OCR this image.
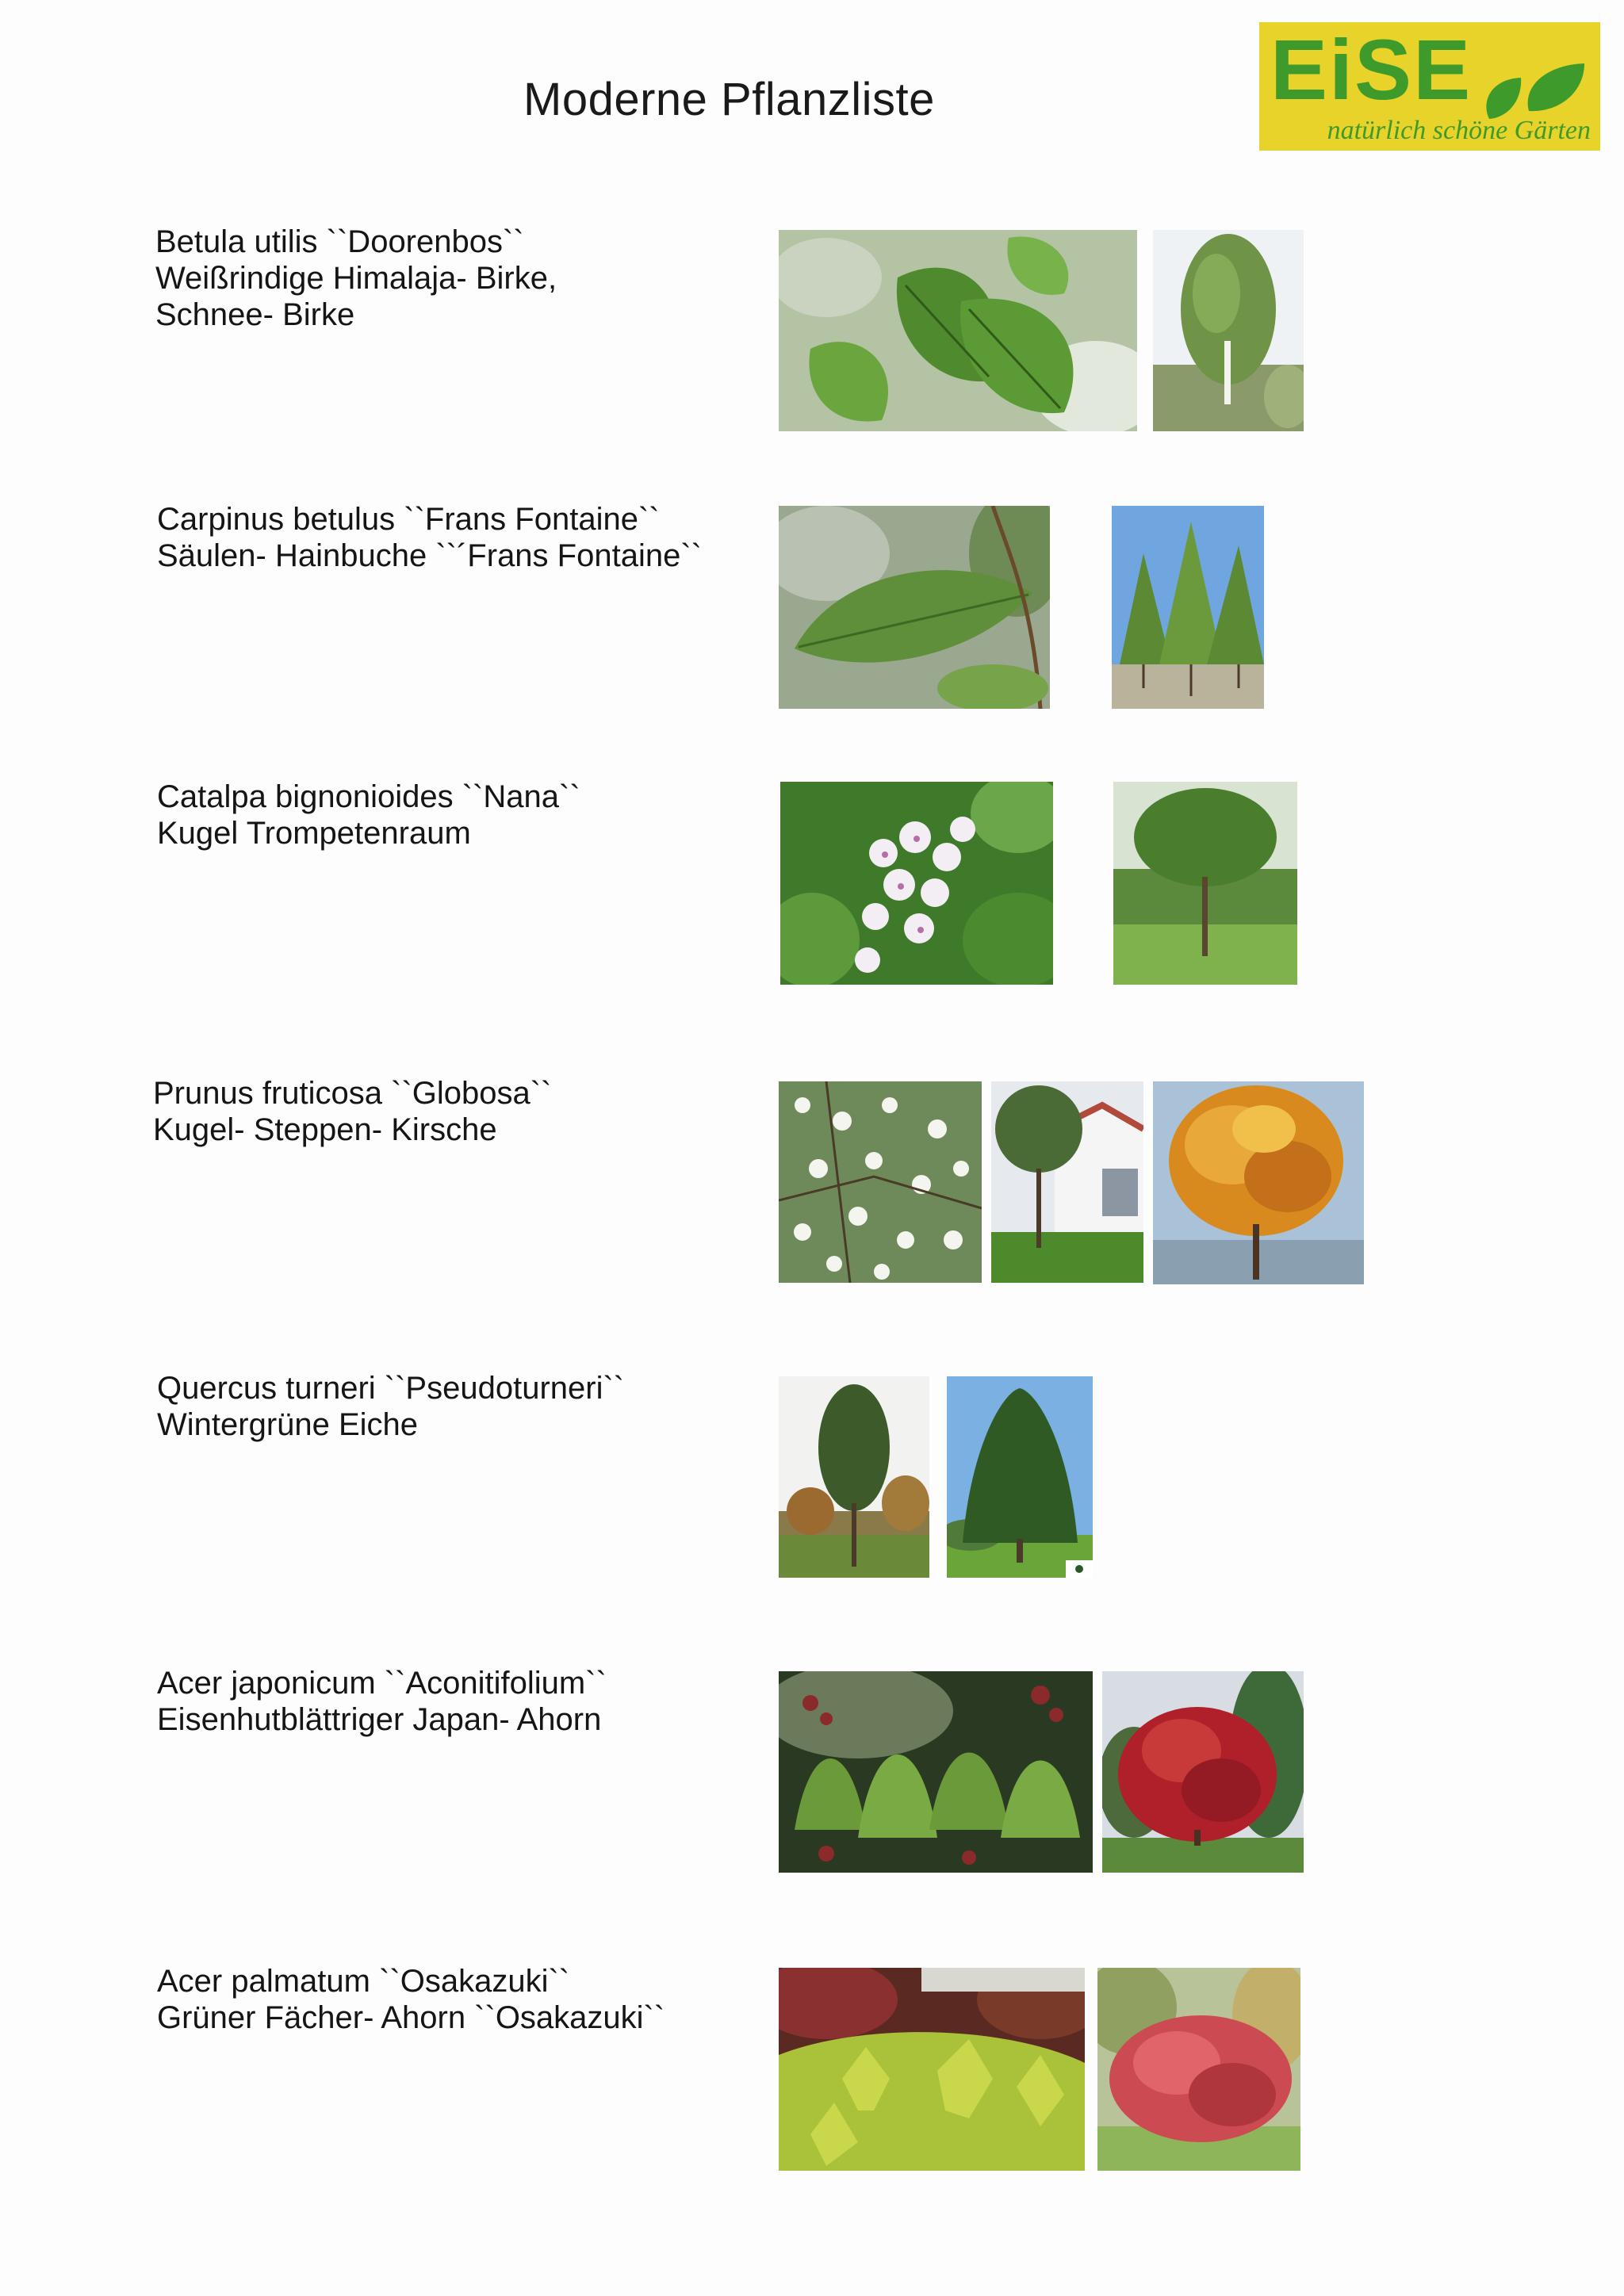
Moderne Pflanzliste	EiSE
natürlich schöne Gärten
Betula utilis ``Doorenbos``
Weißrindige Himalaja- Birke,
Schnee- Birke
Carpinus betulus ``Frans Fontaine``
Säulen- Hainbuche ``´Frans Fontaine``
Catalpa bignonioides ``Nana``
Kugel Trompetenraum
Prunus fruticosa ``Globosa``
Kugel- Steppen- Kirsche
Quercus turneri ``Pseudoturneri``
Wintergrüne Eiche
Acer japonicum ``Aconitifolium``
Eisenhutblättriger Japan- Ahorn
Acer palmatum ``Osakazuki``
Grüner Fächer- Ahorn ``Osakazuki``
